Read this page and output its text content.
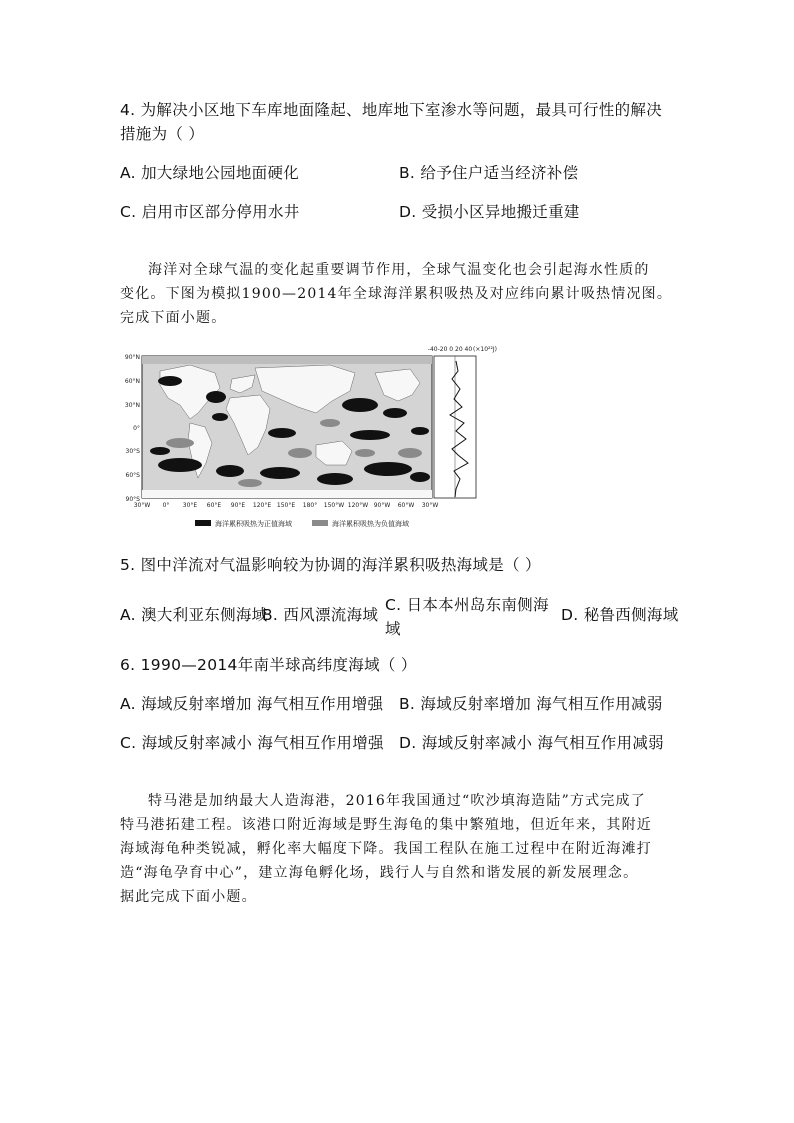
4. 为解决小区地下车库地面隆起、地库地下室渗水等问题，最具可行性的解决
措施为（ ）
A. 加大绿地公园地面硬化	B. 给予住户适当经济补偿
C. 启用市区部分停用水井	D. 受损小区异地搬迁重建
海洋对全球气温的变化起重要调节作用，全球气温变化也会引起海水性质的
变化。下图为模拟1900—2014年全球海洋累积吸热及对应纬向累计吸热情况图。
完成下面小题。
90°N
60°N
30°N
0°
30°S
60°S
90°S
30°W 0° 30°E 60°E 90°E 120°E 150°E 180° 150°W 120°W 90°W 60°W 30°W
-40-20 0 20 40 (×10²²J)
海洋累积吸热为正值海域	海洋累积吸热为负值海域
5. 图中洋流对气温影响较为协调的海洋累积吸热海域是（ ）
A. 澳大利亚东侧海域
B. 西风漂流海域
C. 日本本州岛东南侧海
域
D. 秘鲁西侧海域
6. 1990—2014年南半球高纬度海域（ ）
A. 海域反射率增加 海气相互作用增强 B. 海域反射率增加 海气相互作用减弱
C. 海域反射率减小 海气相互作用增强 D. 海域反射率减小 海气相互作用减弱
特马港是加纳最大人造海港，2016年我国通过“吹沙填海造陆”方式完成了
特马港拓建工程。该港口附近海域是野生海龟的集中繁殖地，但近年来，其附近
海域海龟种类锐减，孵化率大幅度下降。我国工程队在施工过程中在附近海滩打
造“海龟孕育中心”，建立海龟孵化场，践行人与自然和谐发展的新发展理念。
据此完成下面小题。
